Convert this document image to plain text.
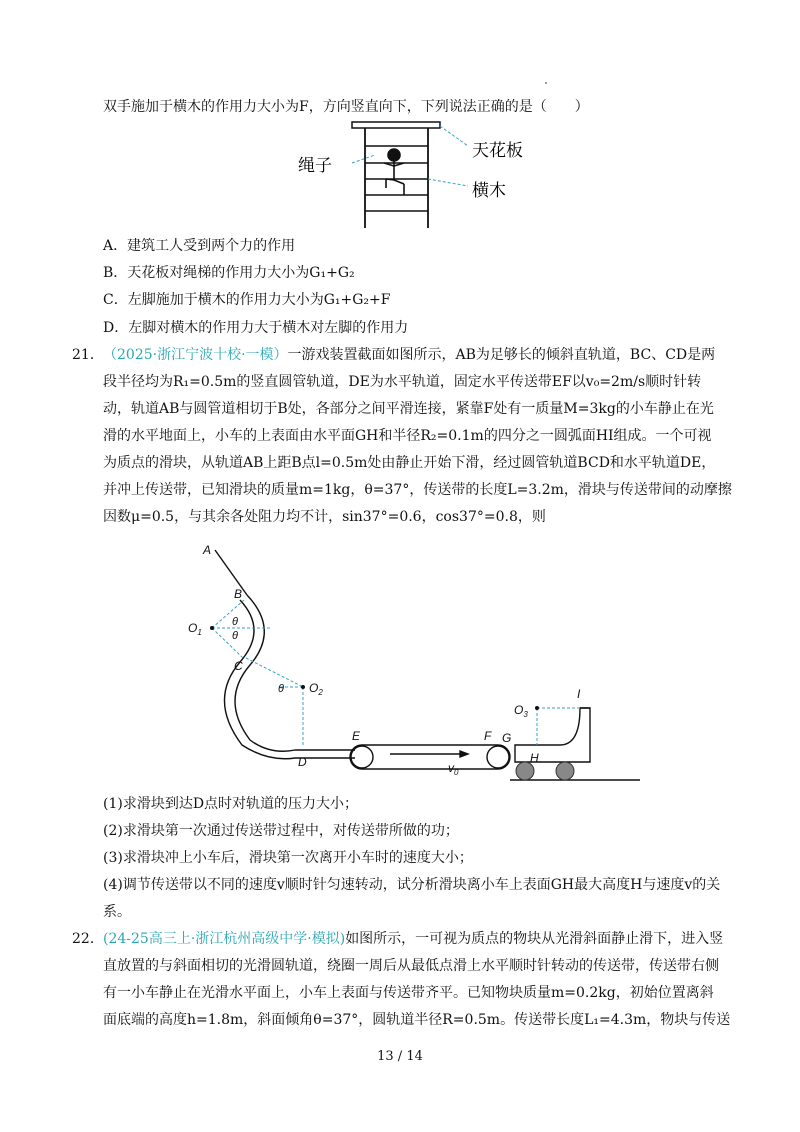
双手施加于横木的作用力大小为F，方向竖直向下，下列说法正确的是（　　）
绳子
天花板
横木
A．建筑工人受到两个力的作用
B．天花板对绳梯的作用力大小为G₁+G₂
C．左脚施加于横木的作用力大小为G₁+G₂+F
D．左脚对横木的作用力大于横木对左脚的作用力
21． （2025·浙江宁波十校·一模）一游戏装置截面如图所示，AB为足够长的倾斜直轨道，BC、CD是两
段半径均为R₁=0.5m的竖直圆管轨道，DE为水平轨道，固定水平传送带EF以v₀=2m/s顺时针转
动，轨道AB与圆管道相切于B处，各部分之间平滑连接，紧靠F处有一质量M=3kg的小车静止在光
滑的水平地面上，小车的上表面由水平面GH和半径R₂=0.1m的四分之一圆弧面HI组成。一个可视
为质点的滑块，从轨道AB上距B点l=0.5m处由静止开始下滑，经过圆管轨道BCD和水平轨道DE，
并冲上传送带，已知滑块的质量m=1kg，θ=37°，传送带的长度L=3.2m，滑块与传送带间的动摩擦
因数μ=0.5，与其余各处阻力均不计，sin37°=0.6，cos37°=0.8，则
A
B
$O_1$
θ
θ
C
θ $O_2$
D
E
$v_0$
F G
H
$O_3$
I
(1)求滑块到达D点时对轨道的压力大小；
(2)求滑块第一次通过传送带过程中，对传送带所做的功；
(3)求滑块冲上小车后，滑块第一次离开小车时的速度大小；
(4)调节传送带以不同的速度v顺时针匀速转动，试分析滑块离小车上表面GH最大高度H与速度v的关
系。
22． (24-25高三上·浙江杭州高级中学·模拟)如图所示，一可视为质点的物块从光滑斜面静止滑下，进入竖
直放置的与斜面相切的光滑圆轨道，绕圈一周后从最低点滑上水平顺时针转动的传送带，传送带右侧
有一小车静止在光滑水平面上，小车上表面与传送带齐平。已知物块质量m=0.2kg，初始位置离斜
面底端的高度h=1.8m，斜面倾角θ=37°，圆轨道半径R=0.5m。传送带长度L₁=4.3m，物块与传送
13 / 14
